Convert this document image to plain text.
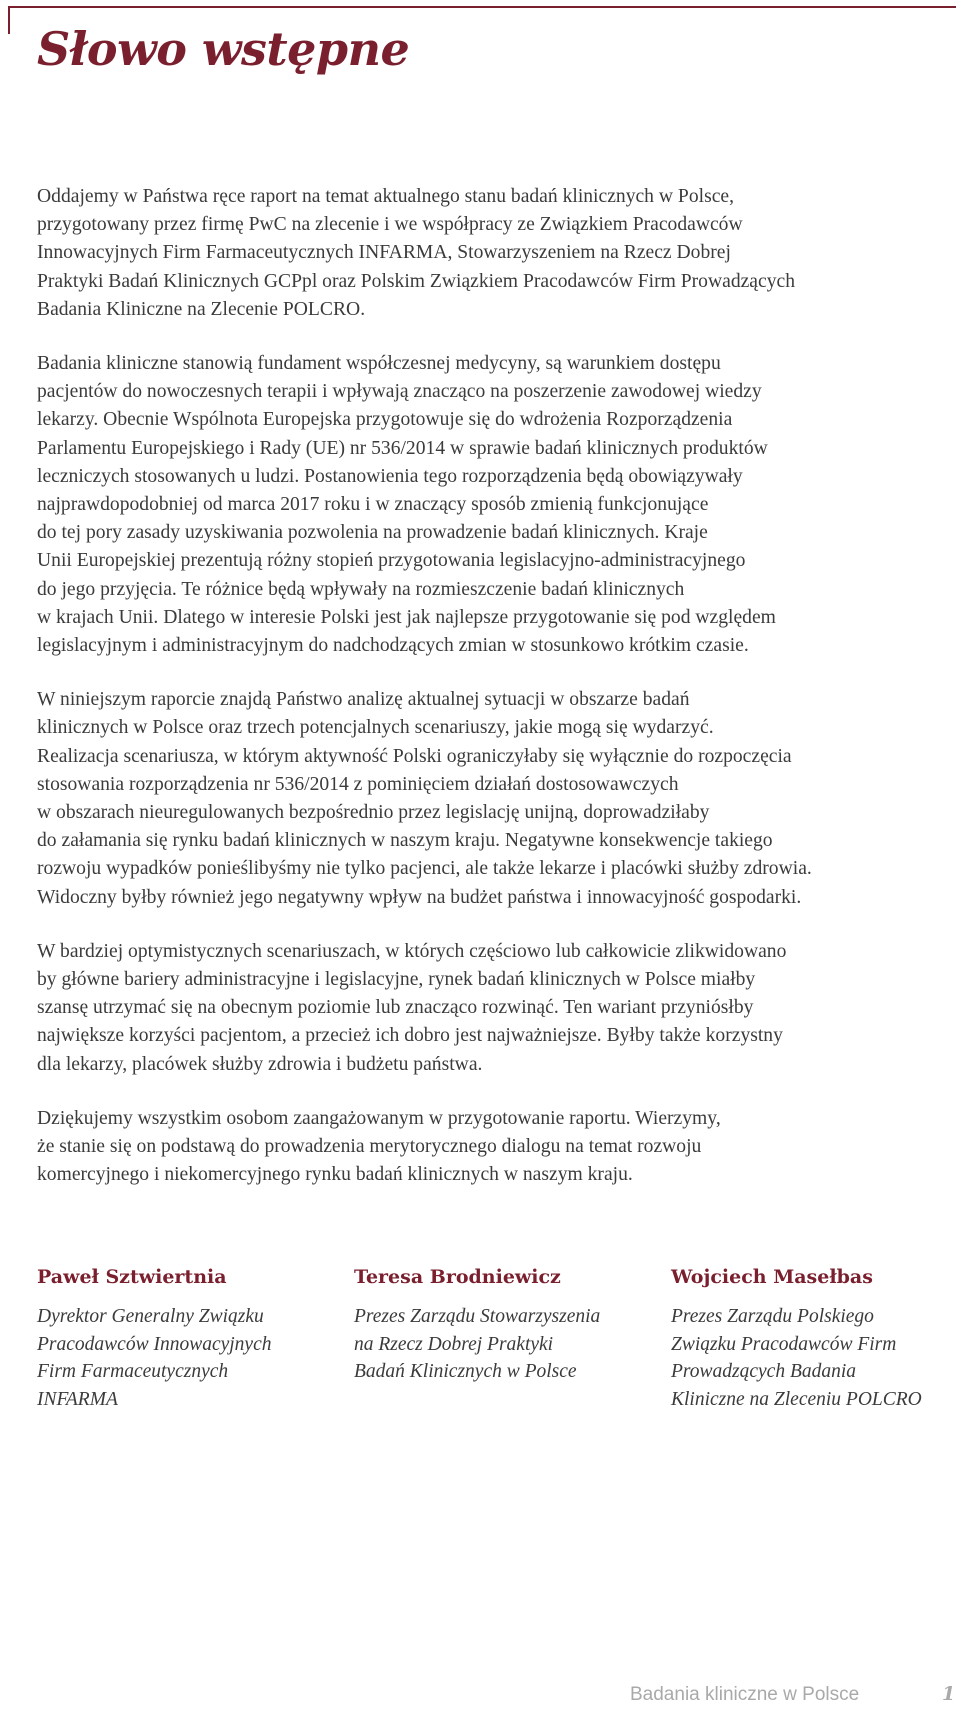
Słowo wstępne

Oddajemy w Państwa ręce raport na temat aktualnego stanu badań klinicznych w Polsce,
przygotowany przez firmę PwC na zlecenie i we współpracy ze Związkiem Pracodawców
Innowacyjnych Firm Farmaceutycznych INFARMA, Stowarzyszeniem na Rzecz Dobrej
Praktyki Badań Klinicznych GCPpl oraz Polskim Związkiem Pracodawców Firm Prowadzących
Badania Kliniczne na Zlecenie POLCRO.

Badania kliniczne stanowią fundament współczesnej medycyny, są warunkiem dostępu
pacjentów do nowoczesnych terapii i wpływają znacząco na poszerzenie zawodowej wiedzy
lekarzy. Obecnie Wspólnota Europejska przygotowuje się do wdrożenia Rozporządzenia
Parlamentu Europejskiego i Rady (UE) nr 536/2014 w sprawie badań klinicznych produktów
leczniczych stosowanych u ludzi. Postanowienia tego rozporządzenia będą obowiązywały
najprawdopodobniej od marca 2017 roku i w znaczący sposób zmienią funkcjonujące
do tej pory zasady uzyskiwania pozwolenia na prowadzenie badań klinicznych. Kraje
Unii Europejskiej prezentują różny stopień przygotowania legislacyjno-administracyjnego
do jego przyjęcia. Te różnice będą wpływały na rozmieszczenie badań klinicznych
w krajach Unii. Dlatego w interesie Polski jest jak najlepsze przygotowanie się pod względem
legislacyjnym i administracyjnym do nadchodzących zmian w stosunkowo krótkim czasie.

W niniejszym raporcie znajdą Państwo analizę aktualnej sytuacji w obszarze badań
klinicznych w Polsce oraz trzech potencjalnych scenariuszy, jakie mogą się wydarzyć.
Realizacja scenariusza, w którym aktywność Polski ograniczyłaby się wyłącznie do rozpoczęcia
stosowania rozporządzenia nr 536/2014 z pominięciem działań dostosowawczych
w obszarach nieuregulowanych bezpośrednio przez legislację unijną, doprowadziłaby
do załamania się rynku badań klinicznych w naszym kraju. Negatywne konsekwencje takiego
rozwoju wypadków ponieślibyśmy nie tylko pacjenci, ale także lekarze i placówki służby zdrowia.
Widoczny byłby również jego negatywny wpływ na budżet państwa i innowacyjność gospodarki.

W bardziej optymistycznych scenariuszach, w których częściowo lub całkowicie zlikwidowano
by główne bariery administracyjne i legislacyjne, rynek badań klinicznych w Polsce miałby
szansę utrzymać się na obecnym poziomie lub znacząco rozwinąć. Ten wariant przyniósłby
największe korzyści pacjentom, a przecież ich dobro jest najważniejsze. Byłby także korzystny
dla lekarzy, placówek służby zdrowia i budżetu państwa.

Dziękujemy wszystkim osobom zaangażowanym w przygotowanie raportu. Wierzymy,
że stanie się on podstawą do prowadzenia merytorycznego dialogu na temat rozwoju
komercyjnego i niekomercyjnego rynku badań klinicznych w naszym kraju.

Paweł Sztwiertnia

Dyrektor Generalny Związku
Pracodawców Innowacyjnych
Firm Farmaceutycznych
INFARMA

Teresa Brodniewicz

Prezes Zarządu Stowarzyszenia
na Rzecz Dobrej Praktyki
Badań Klinicznych w Polsce

Wojciech Masełbas

Prezes Zarządu Polskiego
Związku Pracodawców Firm
Prowadzących Badania
Kliniczne na Zleceniu POLCRO
Badania kliniczne w Polsce	1
